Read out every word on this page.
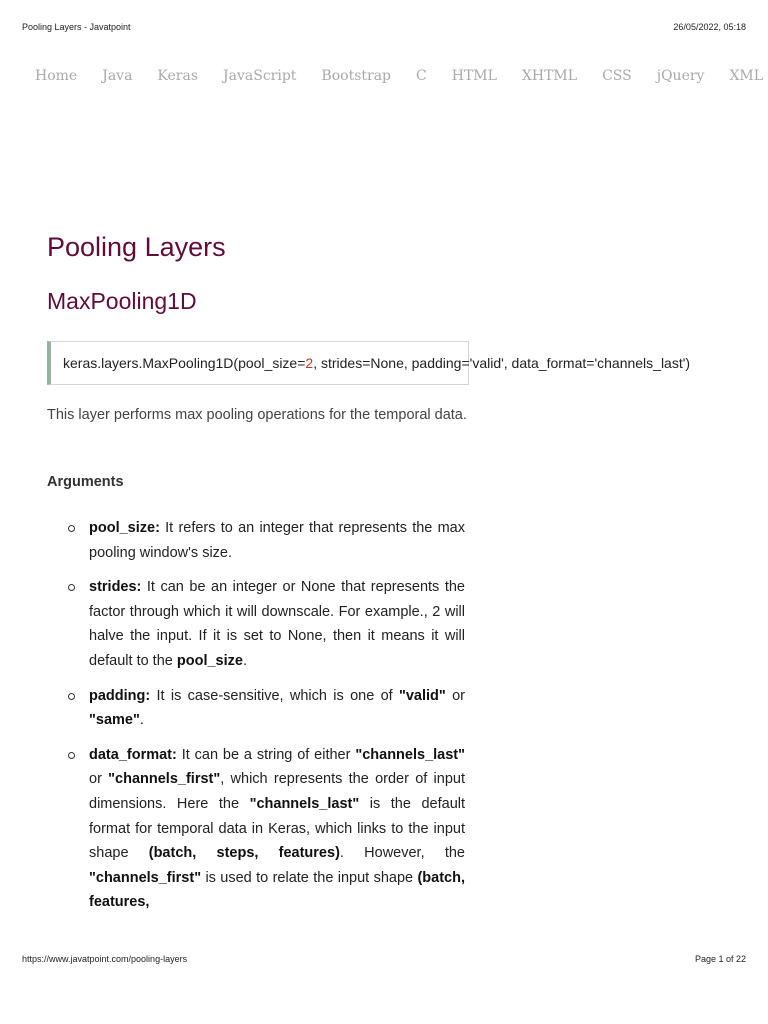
Pooling Layers - Javatpoint	26/05/2022, 05:18
Home Java Keras JavaScript Bootstrap C HTML XHTML CSS jQuery XML
Pooling Layers
MaxPooling1D
keras.layers.MaxPooling1D(pool_size=2, strides=None, padding='valid', data_format='channels_last')

This layer performs max pooling operations for the temporal data.

Arguments
pool_size: It refers to an integer that represents the max pooling window's size.
strides: It can be an integer or None that represents the factor through which it will downscale. For example., 2 will halve the input. If it is set to None, then it means it will default to the pool_size.
padding: It is case-sensitive, which is one of "valid" or "same".
data_format: It can be a string of either "channels_last" or "channels_first", which represents the order of input dimensions. Here the "channels_last" is the default format for temporal data in Keras, which links to the input shape (batch, steps, features). However, the "channels_first" is used to relate the input shape (batch, features,
https://www.javatpoint.com/pooling-layers	Page 1 of 22
